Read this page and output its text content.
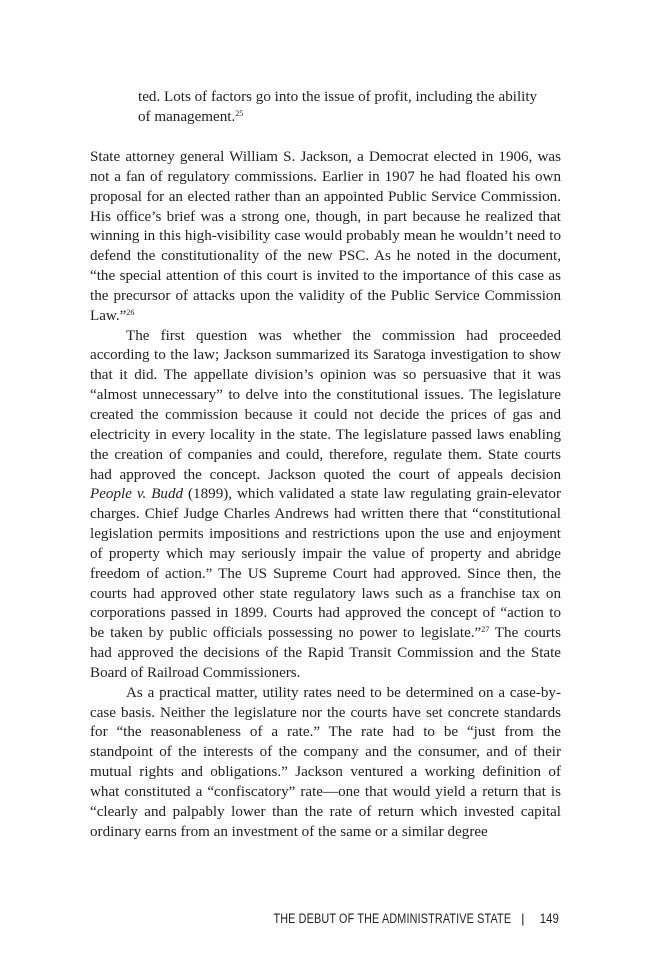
ted. Lots of factors go into the issue of profit, including the ability of management.$^{25}$

State attorney general William S. Jackson, a Democrat elected in 1906, was not a fan of regulatory commissions. Earlier in 1907 he had floated his own proposal for an elected rather than an appointed Public Service Commission. His office’s brief was a strong one, though, in part because he realized that winning in this high-visibility case would probably mean he wouldn’t need to defend the constitutionality of the new PSC. As he noted in the document, “the special attention of this court is invited to the importance of this case as the precursor of attacks upon the validity of the Public Service Commission Law.”$^{26}$

The first question was whether the commission had proceeded according to the law; Jackson summarized its Saratoga investigation to show that it did. The appellate division’s opinion was so persuasive that it was “almost unnecessary” to delve into the constitutional issues. The legislature created the commission because it could not decide the prices of gas and electricity in every locality in the state. The legislature passed laws enabling the creation of companies and could, therefore, regulate them. State courts had approved the concept. Jackson quoted the court of appeals decision People v. Budd (1899), which validated a state law regulating grain-elevator charges. Chief Judge Charles Andrews had written there that “constitutional legislation permits impositions and restrictions upon the use and enjoyment of property which may seriously impair the value of property and abridge freedom of action.” The US Supreme Court had approved. Since then, the courts had approved other state regulatory laws such as a franchise tax on corporations passed in 1899. Courts had approved the concept of “action to be taken by public officials possessing no power to legislate.”$^{27}$ The courts had approved the decisions of the Rapid Transit Commission and the State Board of Railroad Commissioners.

As a practical matter, utility rates need to be determined on a case-by-case basis. Neither the legislature nor the courts have set concrete standards for “the reasonableness of a rate.” The rate had to be “just from the standpoint of the interests of the company and the consumer, and of their mutual rights and obligations.” Jackson ventured a working definition of what constituted a “confiscatory” rate—one that would yield a return that is “clearly and palpably lower than the rate of return which invested capital ordinary earns from an investment of the same or a similar degree

THE DEBUT OF THE ADMINISTRATIVE STATE | 149
